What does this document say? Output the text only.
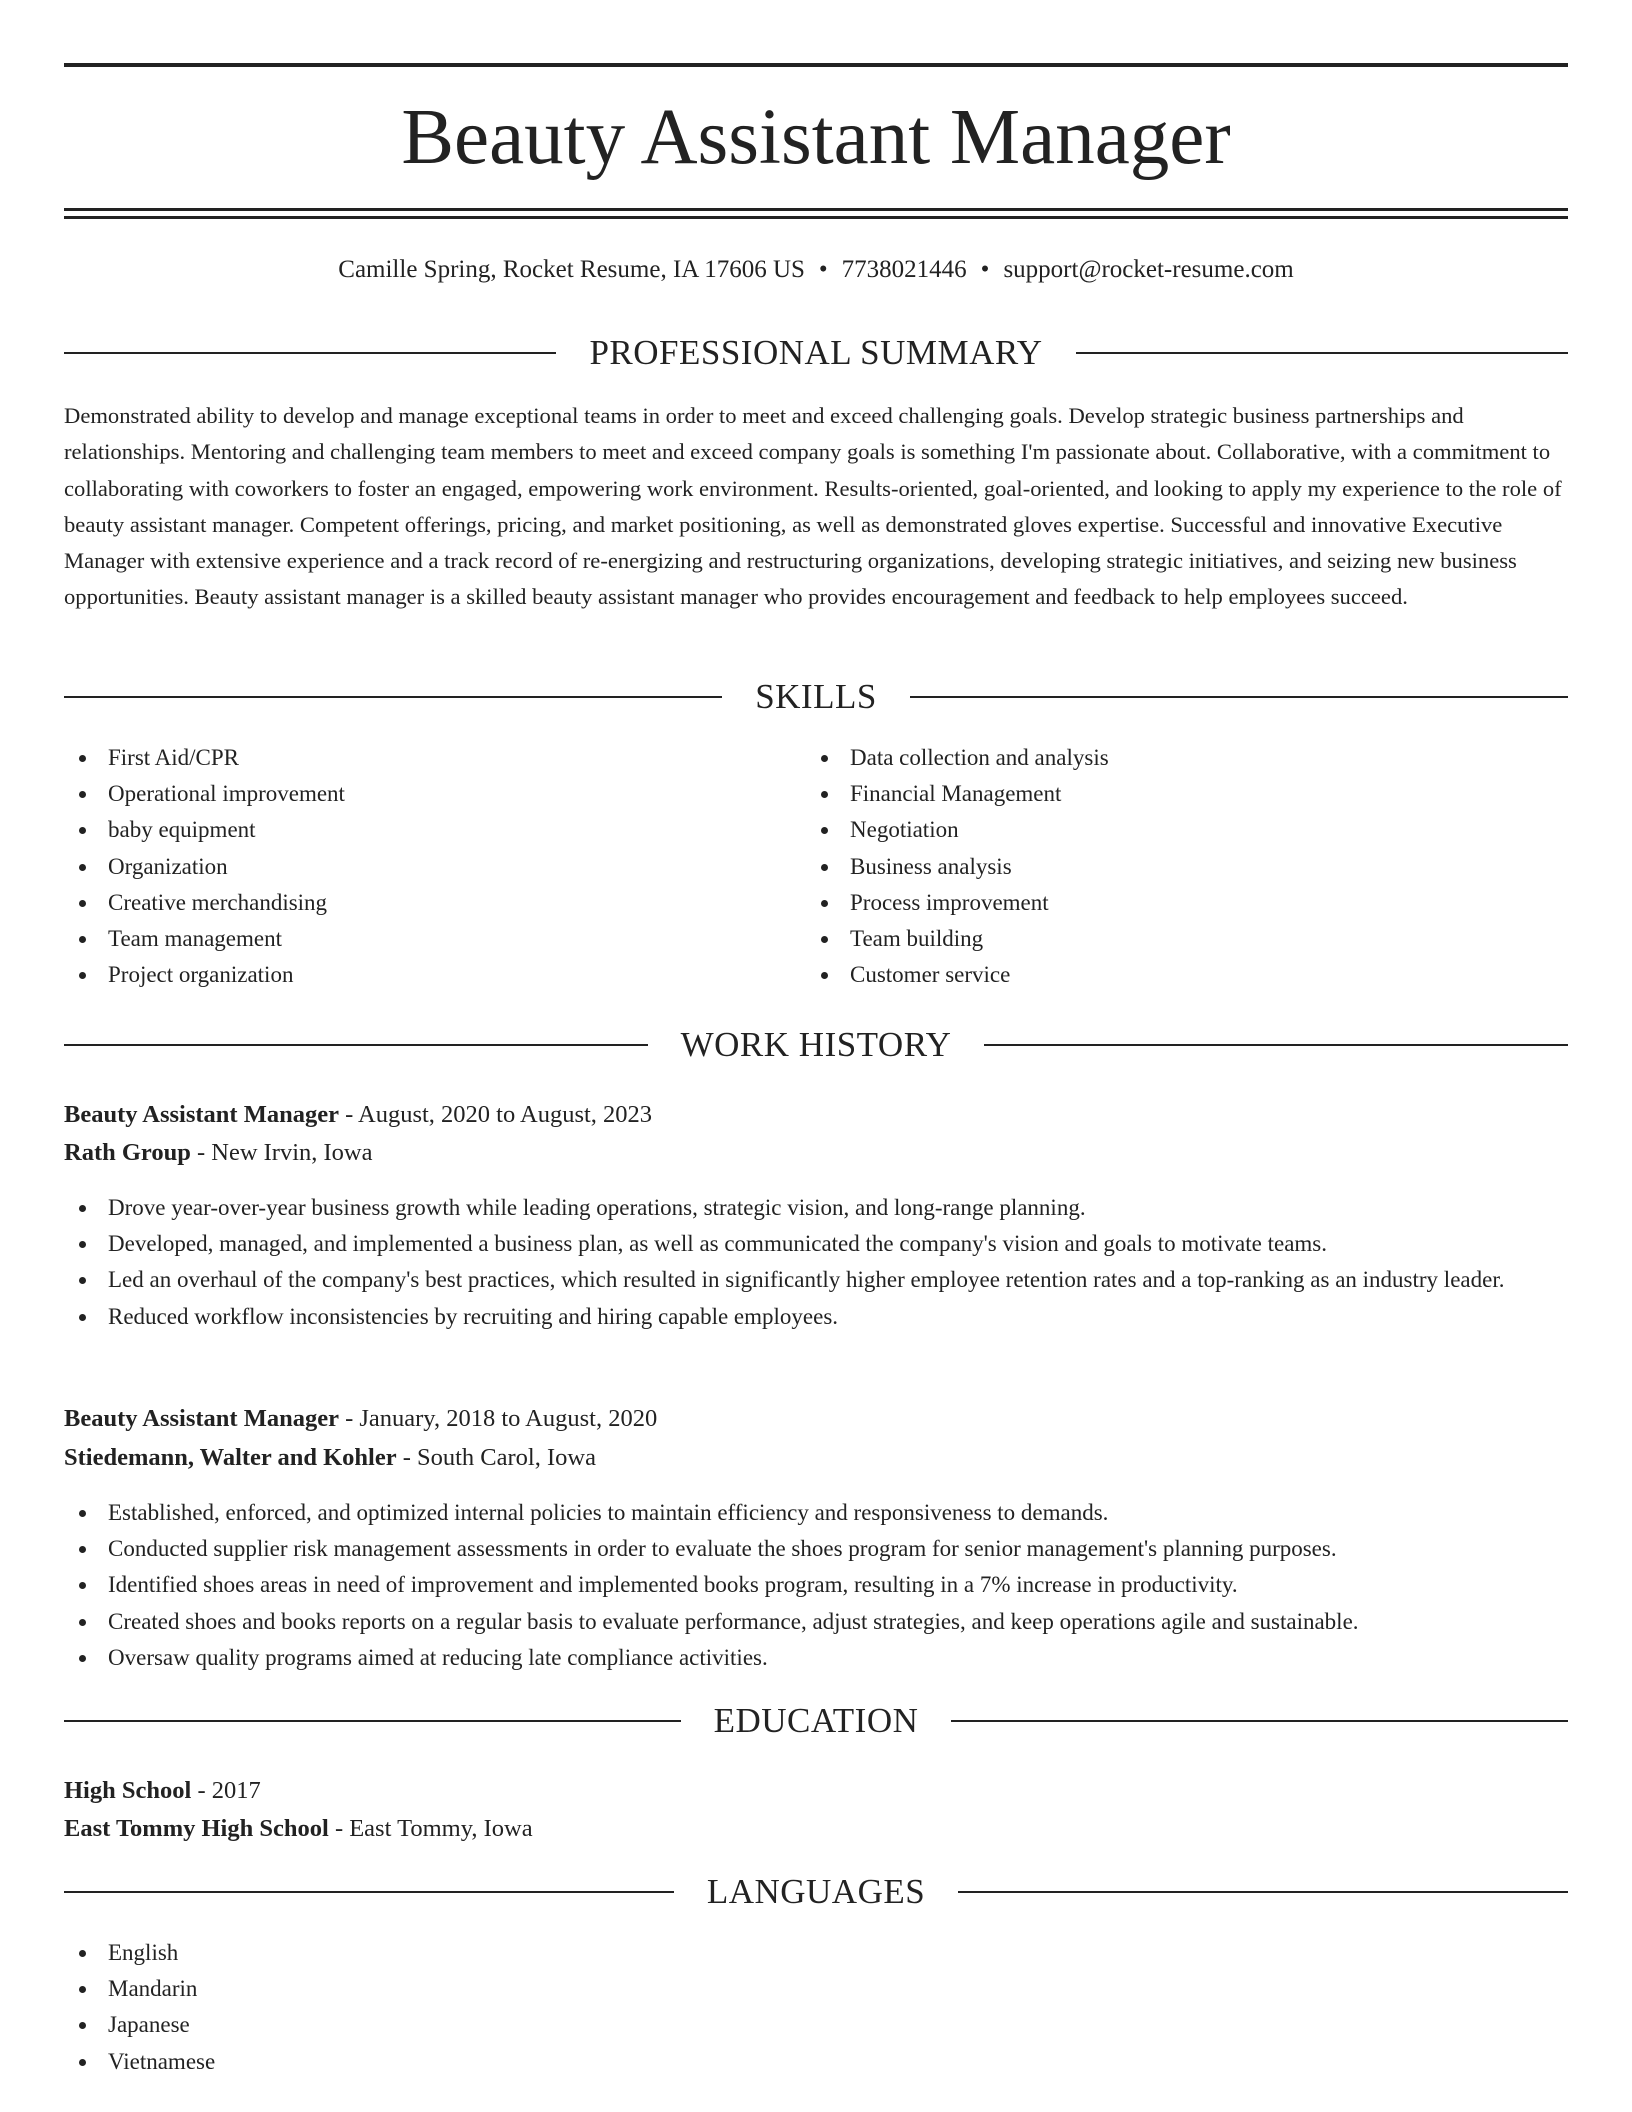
Beauty Assistant Manager
Camille Spring, Rocket Resume, IA 17606 US • 7738021446 • support@rocket-resume.com
PROFESSIONAL SUMMARY

Demonstrated ability to develop and manage exceptional teams in order to meet and exceed challenging goals. Develop strategic business partnerships and relationships. Mentoring and challenging team members to meet and exceed company goals is something I'm passionate about. Collaborative, with a commitment to collaborating with coworkers to foster an engaged, empowering work environment. Results-oriented, goal-oriented, and looking to apply my experience to the role of beauty assistant manager. Competent offerings, pricing, and market positioning, as well as demonstrated gloves expertise. Successful and innovative Executive Manager with extensive experience and a track record of re-energizing and restructuring organizations, developing strategic initiatives, and seizing new business opportunities. Beauty assistant manager is a skilled beauty assistant manager who provides encouragement and feedback to help employees succeed.

SKILLS
First Aid/CPR
Operational improvement
baby equipment
Organization
Creative merchandising
Team management
Project organization
Data collection and analysis
Financial Management
Negotiation
Business analysis
Process improvement
Team building
Customer service
WORK HISTORY
Beauty Assistant Manager - August, 2020 to August, 2023
Rath Group - New Irvin, Iowa
Drove year-over-year business growth while leading operations, strategic vision, and long-range planning.
Developed, managed, and implemented a business plan, as well as communicated the company's vision and goals to motivate teams.
Led an overhaul of the company's best practices, which resulted in significantly higher employee retention rates and a top-ranking as an industry leader.
Reduced workflow inconsistencies by recruiting and hiring capable employees.
Beauty Assistant Manager - January, 2018 to August, 2020
Stiedemann, Walter and Kohler - South Carol, Iowa
Established, enforced, and optimized internal policies to maintain efficiency and responsiveness to demands.
Conducted supplier risk management assessments in order to evaluate the shoes program for senior management's planning purposes.
Identified shoes areas in need of improvement and implemented books program, resulting in a 7% increase in productivity.
Created shoes and books reports on a regular basis to evaluate performance, adjust strategies, and keep operations agile and sustainable.
Oversaw quality programs aimed at reducing late compliance activities.
EDUCATION
High School - 2017
East Tommy High School - East Tommy, Iowa
LANGUAGES
English
Mandarin
Japanese
Vietnamese
